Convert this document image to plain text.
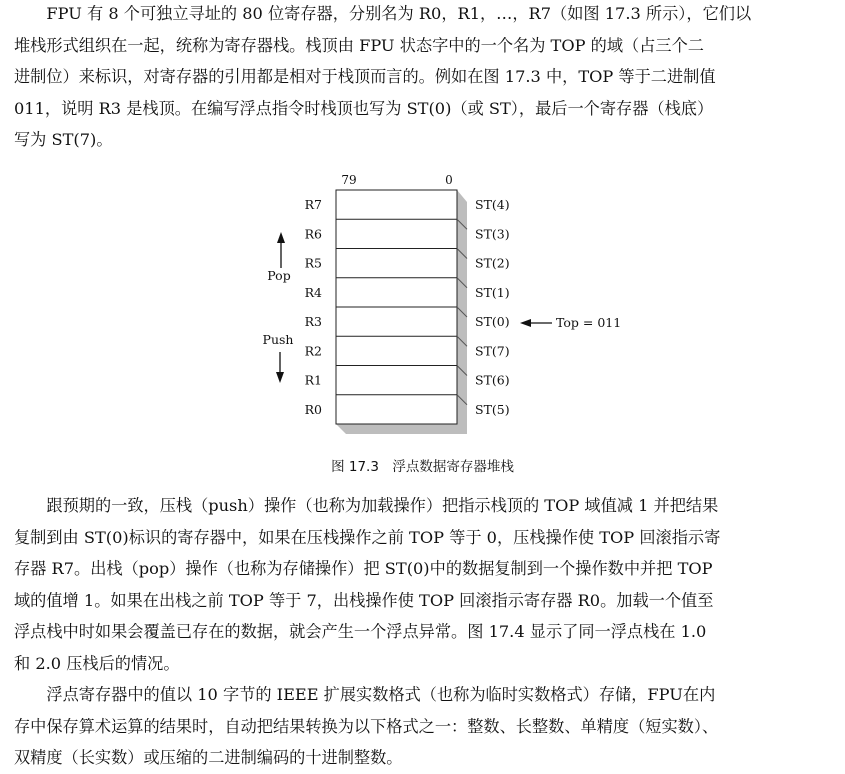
FPU 有 8 个可独立寻址的 80 位寄存器，分别名为 R0，R1，…，R7（如图 17.3 所示），它们以
堆栈形式组织在一起，统称为寄存器栈。栈顶由 FPU 状态字中的一个名为 TOP 的域（占三个二
进制位）来标识，对寄存器的引用都是相对于栈顶而言的。例如在图 17.3 中，TOP 等于二进制值
011，说明 R3 是栈顶。在编写浮点指令时栈顶也写为 ST(0)（或 ST），最后一个寄存器（栈底）
写为 ST(7)。
79	0
R7
R6
R5
R4
R3
R2
R1
R0
ST(4)
ST(3)
ST(2)
ST(1)
ST(0)
ST(7)
ST(6)
ST(5)
Pop
Push
Top = 011
图 17.3　浮点数据寄存器堆栈
跟预期的一致，压栈（push）操作（也称为加载操作）把指示栈顶的 TOP 域值减 1 并把结果
复制到由 ST(0)标识的寄存器中，如果在压栈操作之前 TOP 等于 0，压栈操作使 TOP 回滚指示寄
存器 R7。出栈（pop）操作（也称为存储操作）把 ST(0)中的数据复制到一个操作数中并把 TOP
域的值增 1。如果在出栈之前 TOP 等于 7，出栈操作使 TOP 回滚指示寄存器 R0。加载一个值至
浮点栈中时如果会覆盖已存在的数据，就会产生一个浮点异常。图 17.4 显示了同一浮点栈在 1.0
和 2.0 压栈后的情况。
浮点寄存器中的值以 10 字节的 IEEE 扩展实数格式（也称为临时实数格式）存储，FPU在内
存中保存算术运算的结果时，自动把结果转换为以下格式之一：整数、长整数、单精度（短实数）、
双精度（长实数）或压缩的二进制编码的十进制整数。
